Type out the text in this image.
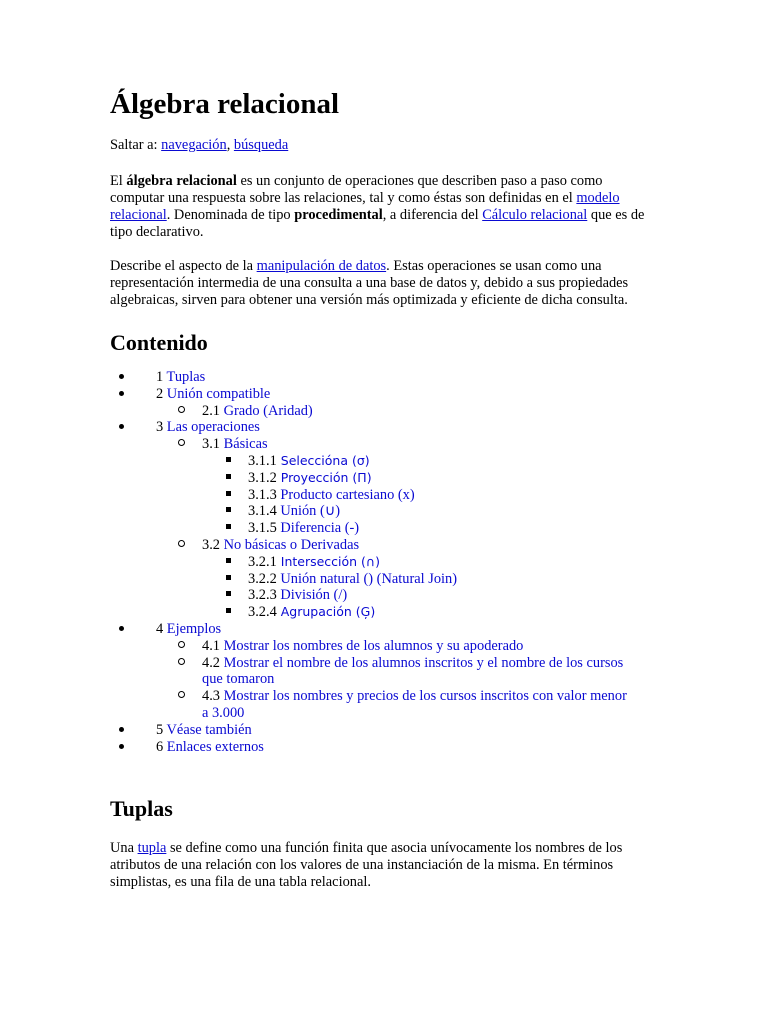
Álgebra relacional
Saltar a: navegación, búsqueda

El álgebra relacional es un conjunto de operaciones que describen paso a paso como computar una respuesta sobre las relaciones, tal y como éstas son definidas en el modelo relacional. Denominada de tipo procedimental, a diferencia del Cálculo relacional que es de tipo declarativo.

Describe el aspecto de la manipulación de datos. Estas operaciones se usan como una representación intermedia de una consulta a una base de datos y, debido a sus propiedades algebraicas, sirven para obtener una versión más optimizada y eficiente de dicha consulta.

Contenido
1 Tuplas
2 Unión compatible
2.1 Grado (Aridad)
3 Las operaciones
3.1 Básicas
3.1.1 Seleccióna (σ)
3.1.2 Proyección (Π)
3.1.3 Producto cartesiano (x)
3.1.4 Unión (∪)
3.1.5 Diferencia (-)
3.2 No básicas o Derivadas
3.2.1 Intersección (∩)
3.2.2 Unión natural () (Natural Join)
3.2.3 División (/)
3.2.4 Agrupación (Ģ)
4 Ejemplos
4.1 Mostrar los nombres de los alumnos y su apoderado
4.2 Mostrar el nombre de los alumnos inscritos y el nombre de los cursos que tomaron
4.3 Mostrar los nombres y precios de los cursos inscritos con valor menor a 3.000
5 Véase también
6 Enlaces externos
Tuplas

Una tupla se define como una función finita que asocia unívocamente los nombres de los atributos de una relación con los valores de una instanciación de la misma. En términos simplistas, es una fila de una tabla relacional.
